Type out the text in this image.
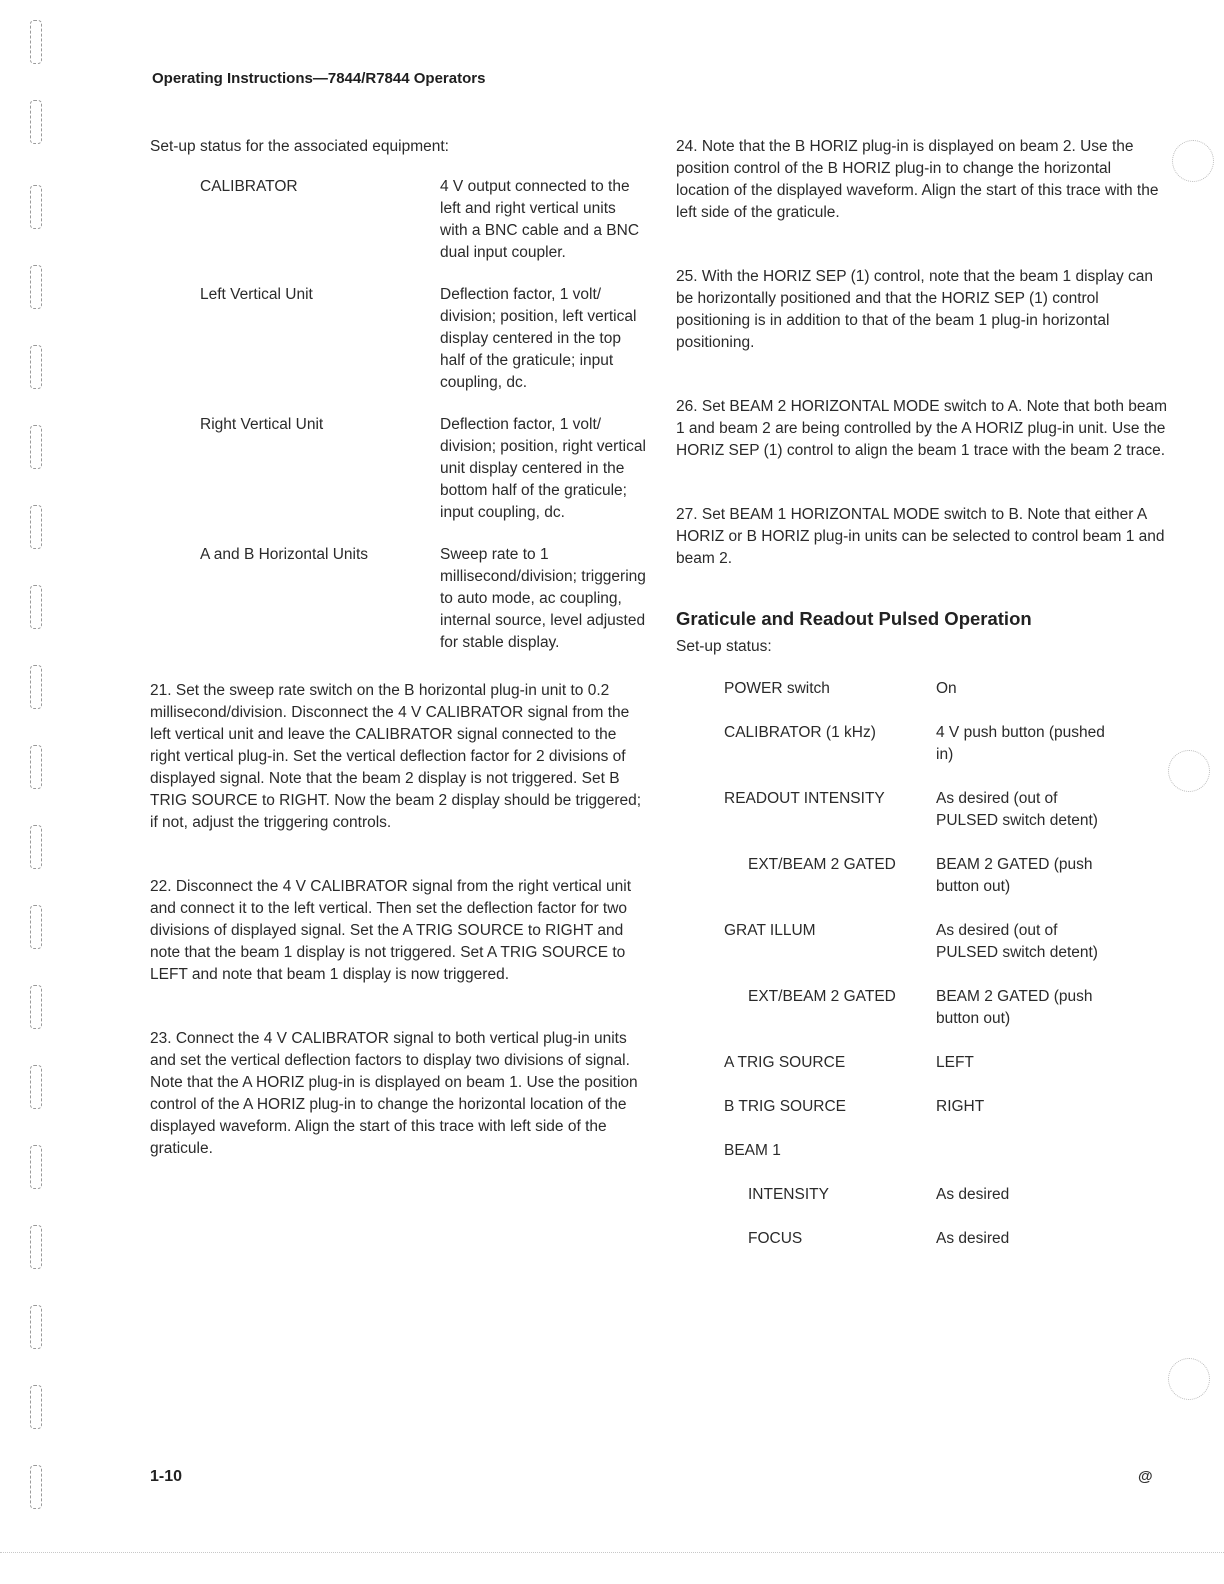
Operating Instructions—7844/R7844 Operators

Set-up status for the associated equipment:

CALIBRATOR	4 V output connected to the left and right vertical units with a BNC cable and a BNC dual input coupler.
Left Vertical Unit	Deflection factor, 1 volt/ division; position, left vertical display centered in the top half of the graticule; input coupling, dc.
Right Vertical Unit	Deflection factor, 1 volt/ division; position, right vertical unit display centered in the bottom half of the graticule; input coupling, dc.
A and B Horizontal Units	Sweep rate to 1 millisecond/division; triggering to auto mode, ac coupling, internal source, level adjusted for stable display.

21. Set the sweep rate switch on the B horizontal plug-in unit to 0.2 millisecond/division. Disconnect the 4 V CALIBRATOR signal from the left vertical unit and leave the CALIBRATOR signal connected to the right vertical plug-in. Set the vertical deflection factor for 2 divisions of displayed signal. Note that the beam 2 display is not triggered. Set B TRIG SOURCE to RIGHT. Now the beam 2 display should be triggered; if not, adjust the triggering controls.

22. Disconnect the 4 V CALIBRATOR signal from the right vertical unit and connect it to the left vertical. Then set the deflection factor for two divisions of displayed signal. Set the A TRIG SOURCE to RIGHT and note that the beam 1 display is not triggered. Set A TRIG SOURCE to LEFT and note that beam 1 display is now triggered.

23. Connect the 4 V CALIBRATOR signal to both vertical plug-in units and set the vertical deflection factors to display two divisions of signal. Note that the A HORIZ plug-in is displayed on beam 1. Use the position control of the A HORIZ plug-in to change the horizontal location of the displayed waveform. Align the start of this trace with left side of the graticule.

24. Note that the B HORIZ plug-in is displayed on beam 2. Use the position control of the B HORIZ plug-in to change the horizontal location of the displayed waveform. Align the start of this trace with the left side of the graticule.

25. With the HORIZ SEP (1) control, note that the beam 1 display can be horizontally positioned and that the HORIZ SEP (1) control positioning is in addition to that of the beam 1 plug-in horizontal positioning.

26. Set BEAM 2 HORIZONTAL MODE switch to A. Note that both beam 1 and beam 2 are being controlled by the A HORIZ plug-in unit. Use the HORIZ SEP (1) control to align the beam 1 trace with the beam 2 trace.

27. Set BEAM 1 HORIZONTAL MODE switch to B. Note that either A HORIZ or B HORIZ plug-in units can be selected to control beam 1 and beam 2.

Graticule and Readout Pulsed Operation

Set-up status:

POWER switch	On
CALIBRATOR (1 kHz)	4 V push button (pushed in)
READOUT INTENSITY	As desired (out of PULSED switch detent)
EXT/BEAM 2 GATED	BEAM 2 GATED (push button out)
GRAT ILLUM	As desired (out of PULSED switch detent)
EXT/BEAM 2 GATED	BEAM 2 GATED (push button out)
A TRIG SOURCE	LEFT
B TRIG SOURCE	RIGHT
BEAM 1
INTENSITY	As desired
FOCUS	As desired
1-10	@
